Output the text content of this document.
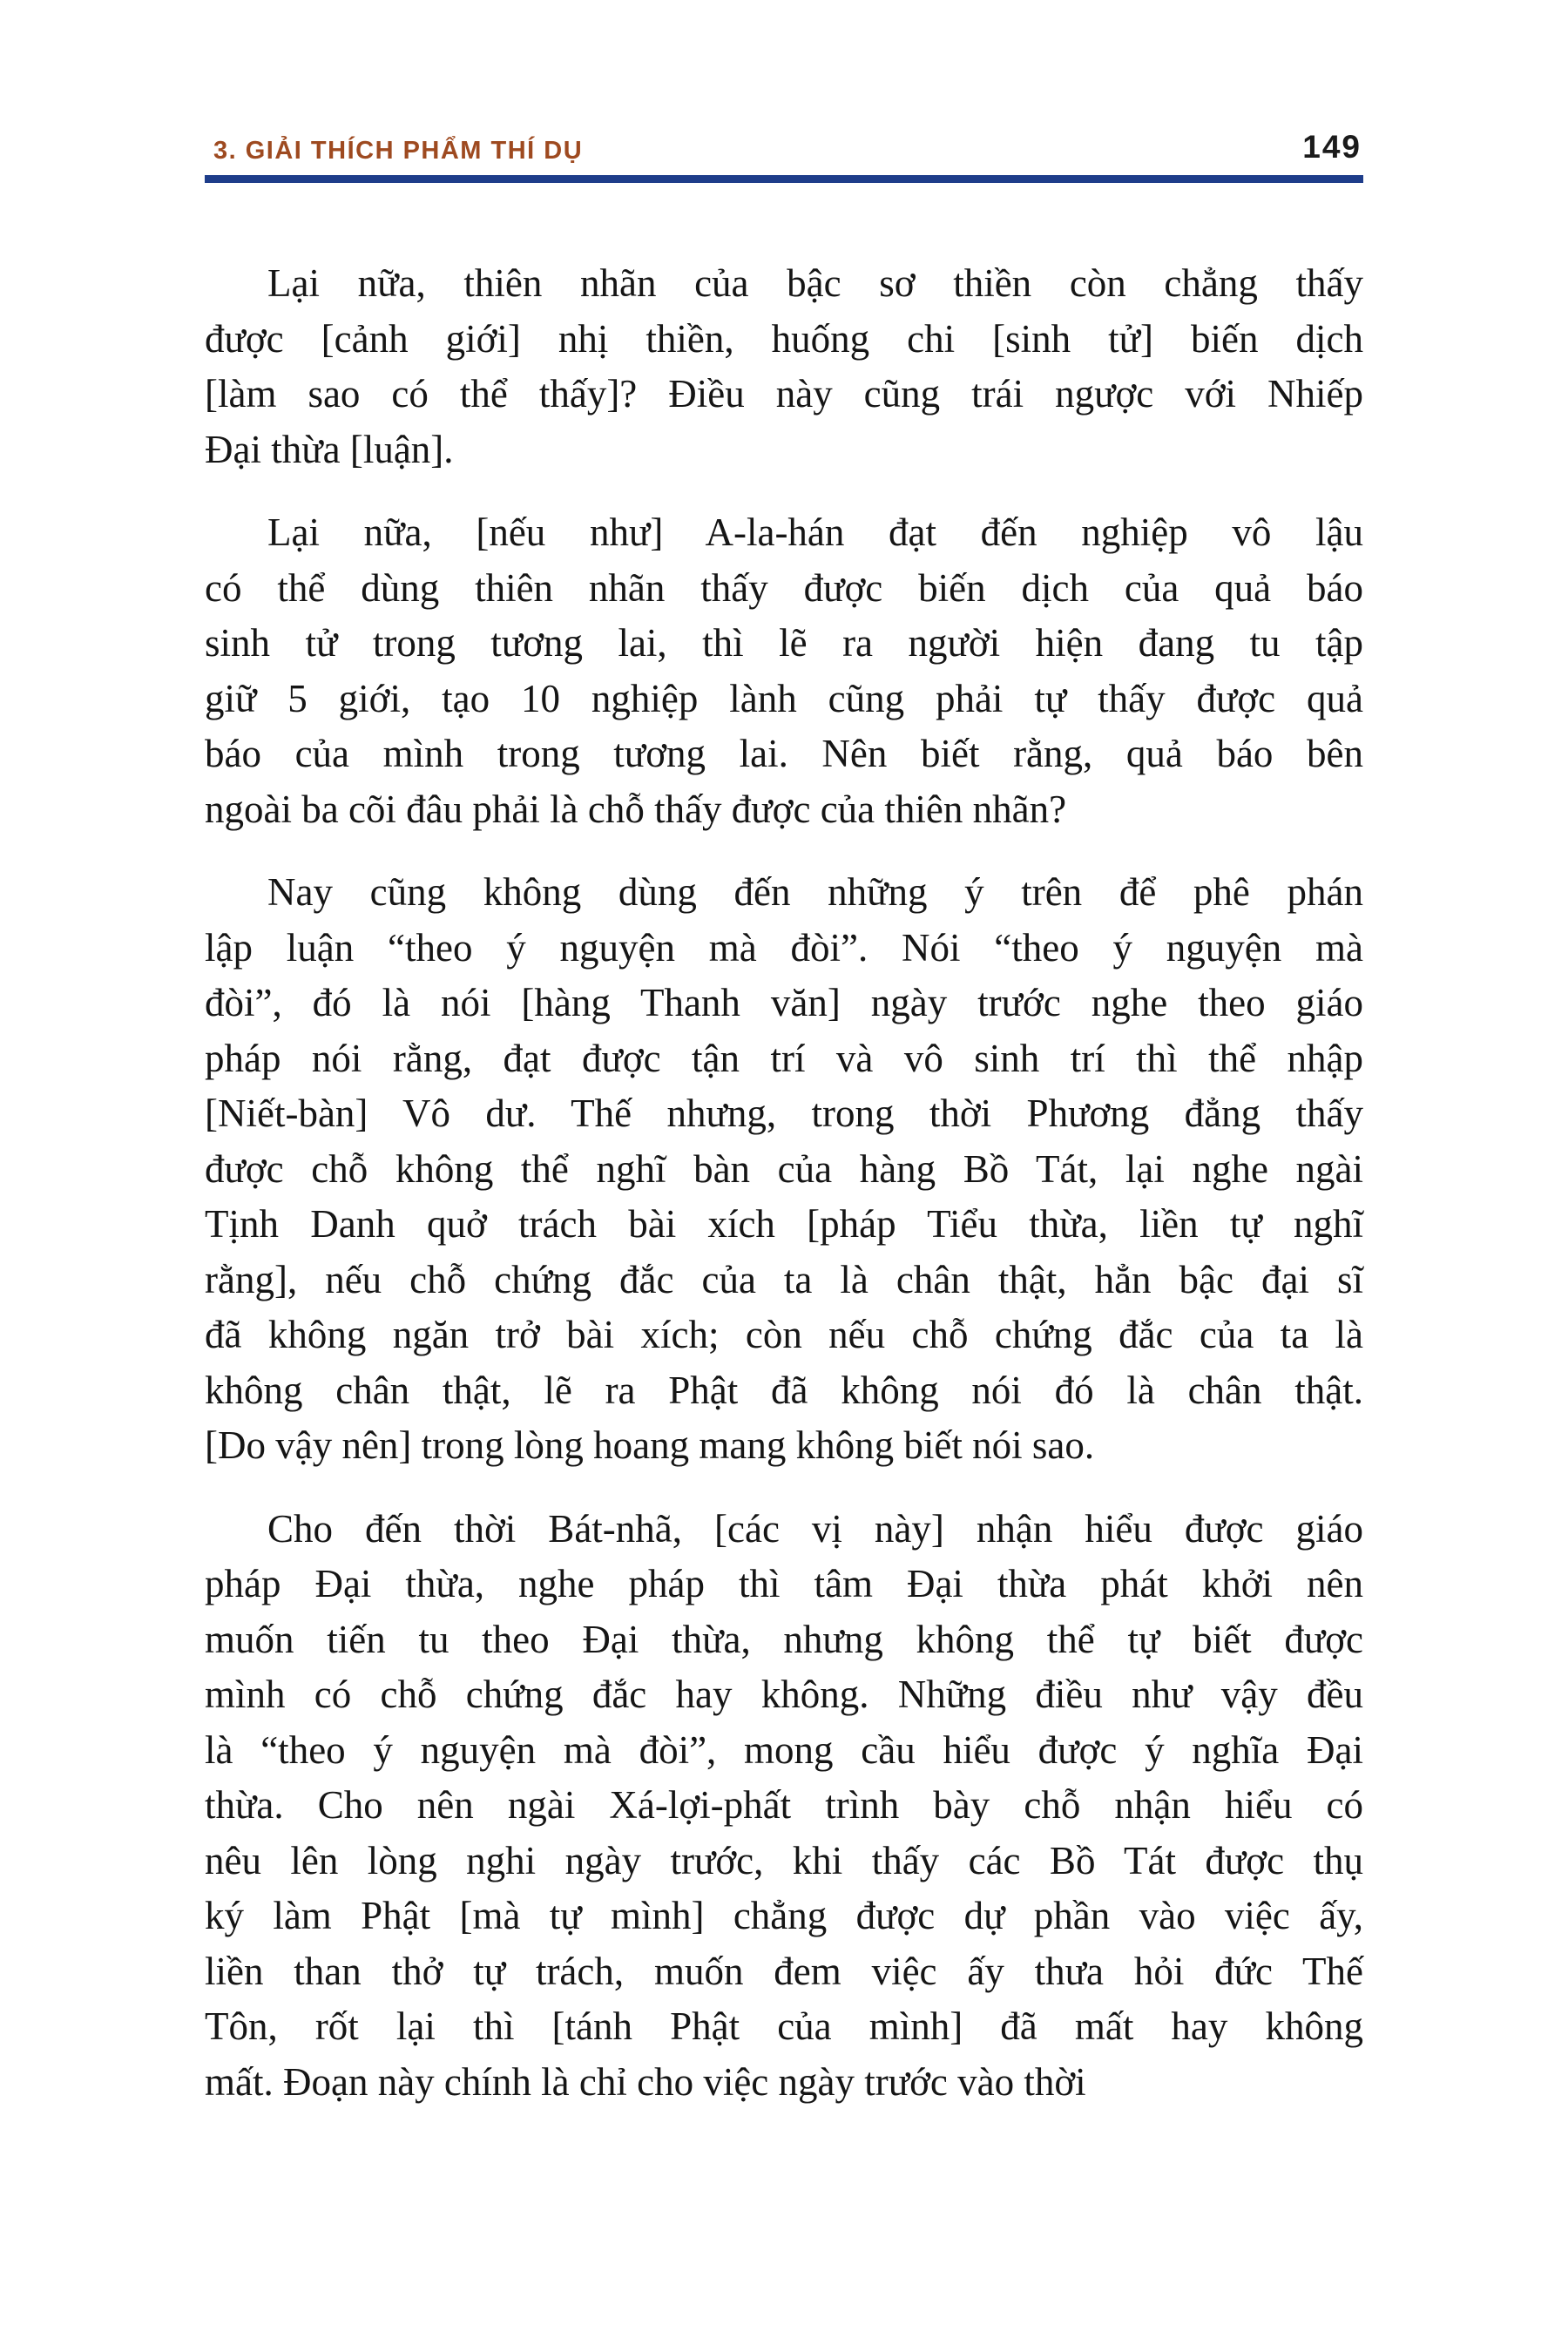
3. GIẢI THÍCH PHẨM THÍ DỤ	149
Lại nữa, thiên nhãn của bậc sơ thiền còn chẳng thấy
được [cảnh giới] nhị thiền, huống chi [sinh tử] biến dịch
[làm sao có thể thấy]? Điều này cũng trái ngược với Nhiếp
Đại thừa [luận].
Lại nữa, [nếu như] A-la-hán đạt đến nghiệp vô lậu
có thể dùng thiên nhãn thấy được biến dịch của quả báo
sinh tử trong tương lai, thì lẽ ra người hiện đang tu tập
giữ 5 giới, tạo 10 nghiệp lành cũng phải tự thấy được quả
báo của mình trong tương lai. Nên biết rằng, quả báo bên
ngoài ba cõi đâu phải là chỗ thấy được của thiên nhãn?
Nay cũng không dùng đến những ý trên để phê phán
lập luận “theo ý nguyện mà đòi”. Nói “theo ý nguyện mà
đòi”, đó là nói [hàng Thanh văn] ngày trước nghe theo giáo
pháp nói rằng, đạt được tận trí và vô sinh trí thì thể nhập
[Niết-bàn] Vô dư. Thế nhưng, trong thời Phương đẳng thấy
được chỗ không thể nghĩ bàn của hàng Bồ Tát, lại nghe ngài
Tịnh Danh quở trách bài xích [pháp Tiểu thừa, liền tự nghĩ
rằng], nếu chỗ chứng đắc của ta là chân thật, hẳn bậc đại sĩ
đã không ngăn trở bài xích; còn nếu chỗ chứng đắc của ta là
không chân thật, lẽ ra Phật đã không nói đó là chân thật.
[Do vậy nên] trong lòng hoang mang không biết nói sao.
Cho đến thời Bát-nhã, [các vị này] nhận hiểu được giáo
pháp Đại thừa, nghe pháp thì tâm Đại thừa phát khởi nên
muốn tiến tu theo Đại thừa, nhưng không thể tự biết được
mình có chỗ chứng đắc hay không. Những điều như vậy đều
là “theo ý nguyện mà đòi”, mong cầu hiểu được ý nghĩa Đại
thừa. Cho nên ngài Xá-lợi-phất trình bày chỗ nhận hiểu có
nêu lên lòng nghi ngày trước, khi thấy các Bồ Tát được thụ
ký làm Phật [mà tự mình] chẳng được dự phần vào việc ấy,
liền than thở tự trách, muốn đem việc ấy thưa hỏi đức Thế
Tôn, rốt lại thì [tánh Phật của mình] đã mất hay không
mất. Đoạn này chính là chỉ cho việc ngày trước vào thời
